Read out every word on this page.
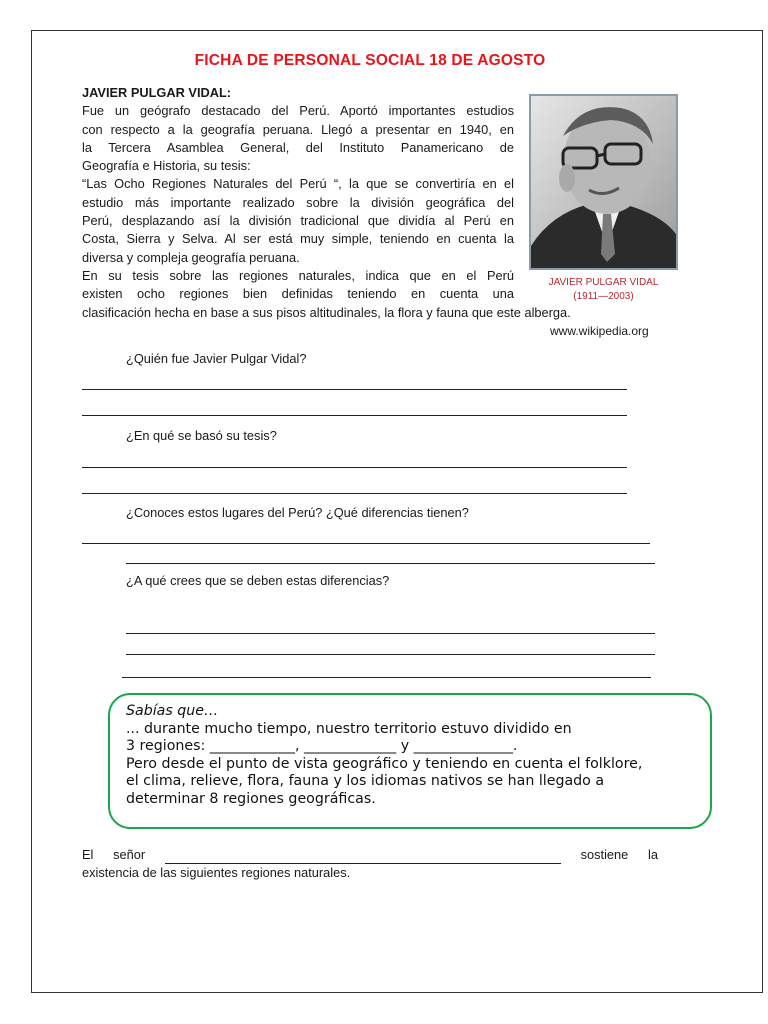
FICHA DE PERSONAL SOCIAL 18 DE AGOSTO
JAVIER PULGAR VIDAL:
Fue un geógrafo destacado del Perú. Aportó importantes estudios
con respecto a la geografía peruana. Llegó a presentar en 1940, en
la Tercera Asamblea General, del Instituto Panamericano de
Geografía e Historia, su tesis:
“Las Ocho Regiones Naturales del Perú “, la que se convertiría en el
estudio más importante realizado sobre la división geográfica del
Perú, desplazando así la división tradicional que dividía al Perú en
Costa, Sierra y Selva. Al ser está muy simple, teniendo en cuenta la
diversa y compleja geografía peruana.
En su tesis sobre las regiones naturales, indica que en el Perú
existen ocho regiones bien definidas teniendo en cuenta una
clasificación hecha en base a sus pisos altitudinales, la flora y fauna que este alberga.
JAVIER PULGAR VIDAL
(1911—2003)
www.wikipedia.org
¿Quién fue Javier Pulgar Vidal?
¿En qué se basó su tesis?
¿Conoces estos lugares del Perú? ¿Qué diferencias tienen?
¿A qué crees que se deben estas diferencias?
Sabías que…
... durante mucho tiempo, nuestro territorio estuvo dividido en
3 regiones: ____________, _____________ y ______________.
Pero desde el punto de vista geográfico y teniendo en cuenta el folklore,
el clima, relieve, flora, fauna y los idiomas nativos se han llegado a
determinar 8 regiones geográficas.
El señor	sostiene la
existencia de las siguientes regiones naturales.
